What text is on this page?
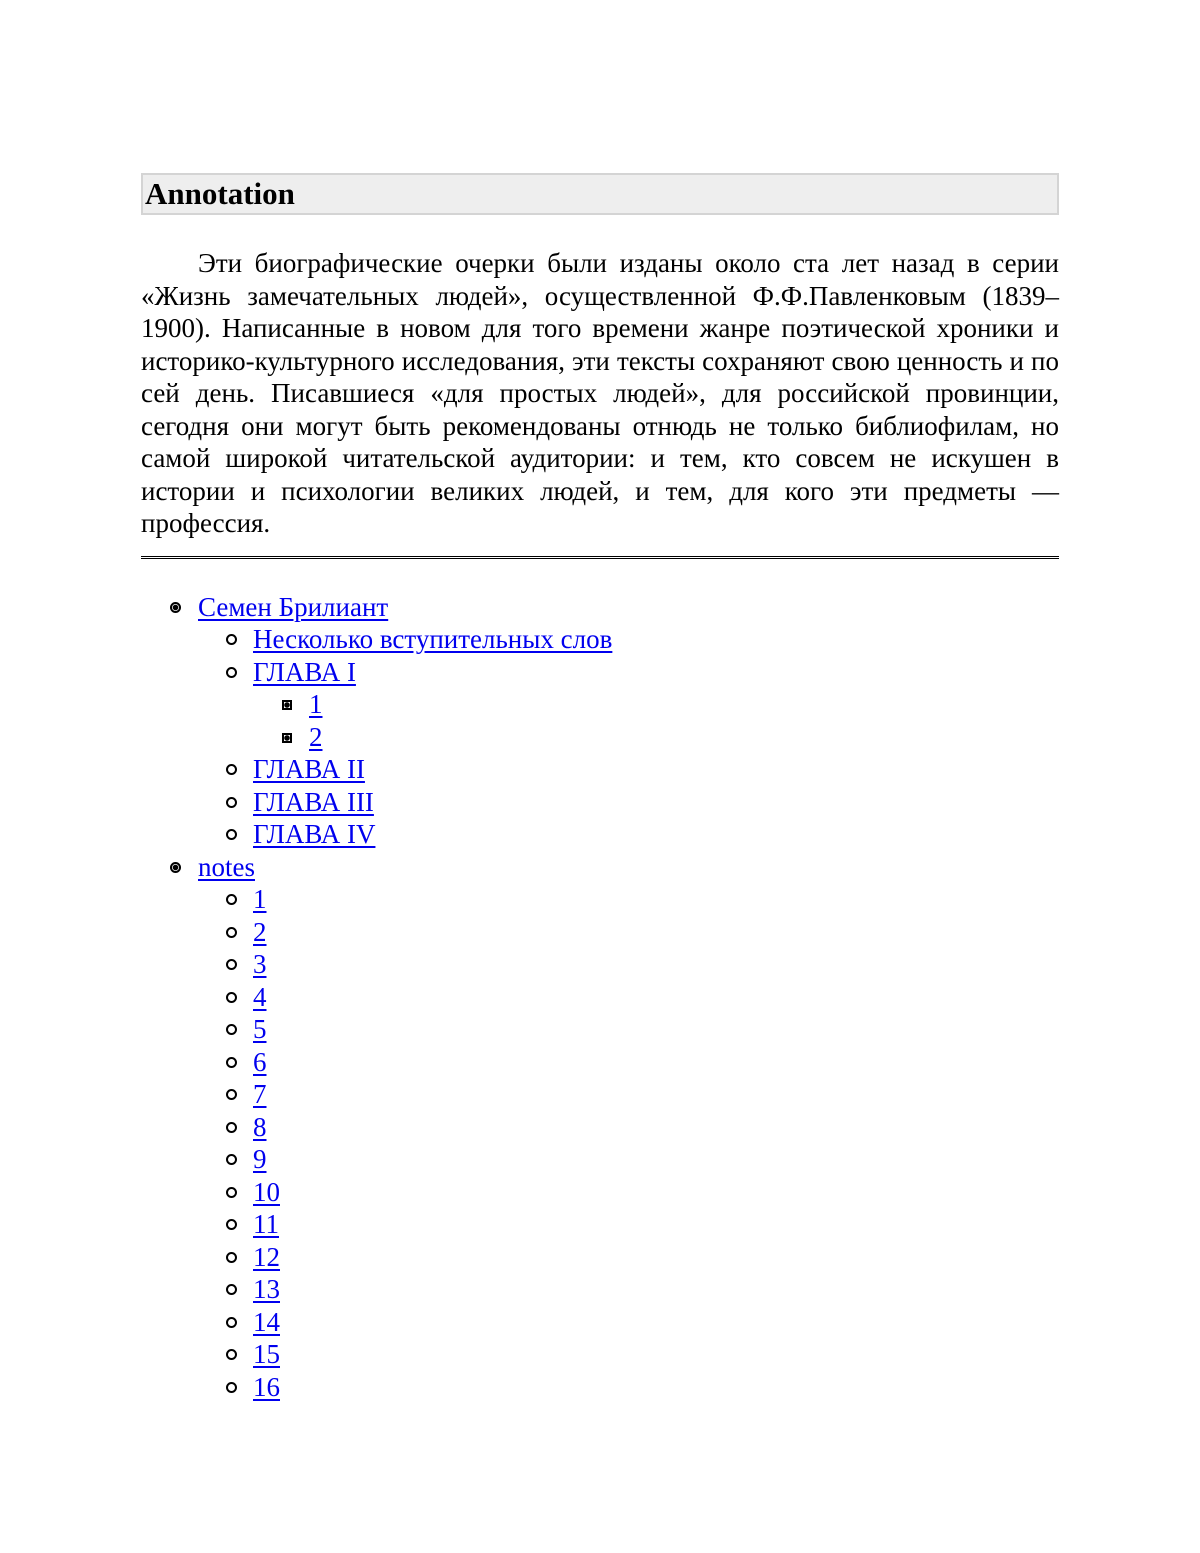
Annotation

Эти биографические очерки были изданы около ста лет назад в серии «Жизнь замечательных людей», осуществленной Ф.Ф.Павленковым (1839–1900). Написанные в новом для того времени жанре поэтической хроники и историко-культурного исследования, эти тексты сохраняют свою ценность и по сей день. Писавшиеся «для простых людей», для российской провинции, сегодня они могут быть рекомендованы отнюдь не только библиофилам, но самой широкой читательской аудитории: и тем, кто совсем не искушен в истории и психологии великих людей, и тем, для кого эти предметы — профессия.

Семен Брилиант
Несколько вступительных слов
ГЛАВА I
1
2
ГЛАВА II
ГЛАВА III
ГЛАВА IV
notes
1
2
3
4
5
6
7
8
9
10
11
12
13
14
15
16
